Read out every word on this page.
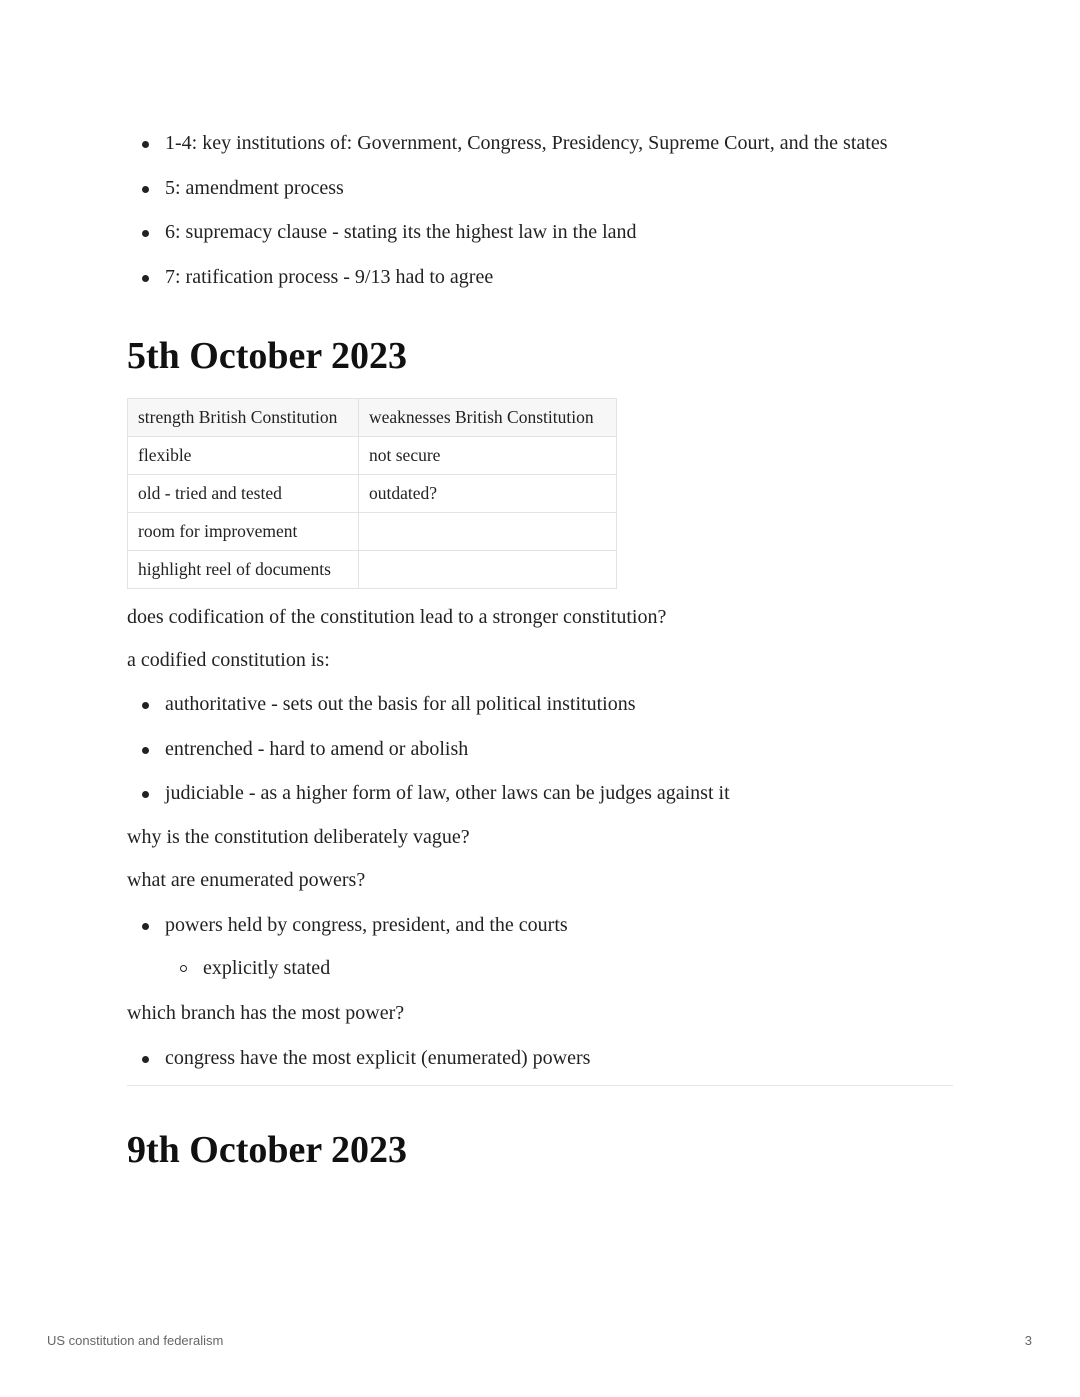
1-4: key institutions of: Government, Congress, Presidency, Supreme Court, and the states
5: amendment process
6: supremacy clause - stating its the highest law in the land
7: ratification process - 9/13 had to agree
5th October 2023
strength British Constitution	weaknesses British Constitution
flexible	not secure
old - tried and tested	outdated?
room for improvement	
highlight reel of documents	

does codification of the constitution lead to a stronger constitution?

a codified constitution is:

authoritative - sets out the basis for all political institutions
entrenched - hard to amend or abolish
judiciable - as a higher form of law, other laws can be judges against it

why is the constitution deliberately vague?

what are enumerated powers?

powers held by congress, president, and the courts
explicitly stated

which branch has the most power?

congress have the most explicit (enumerated) powers
9th October 2023
US constitution and federalism	3
